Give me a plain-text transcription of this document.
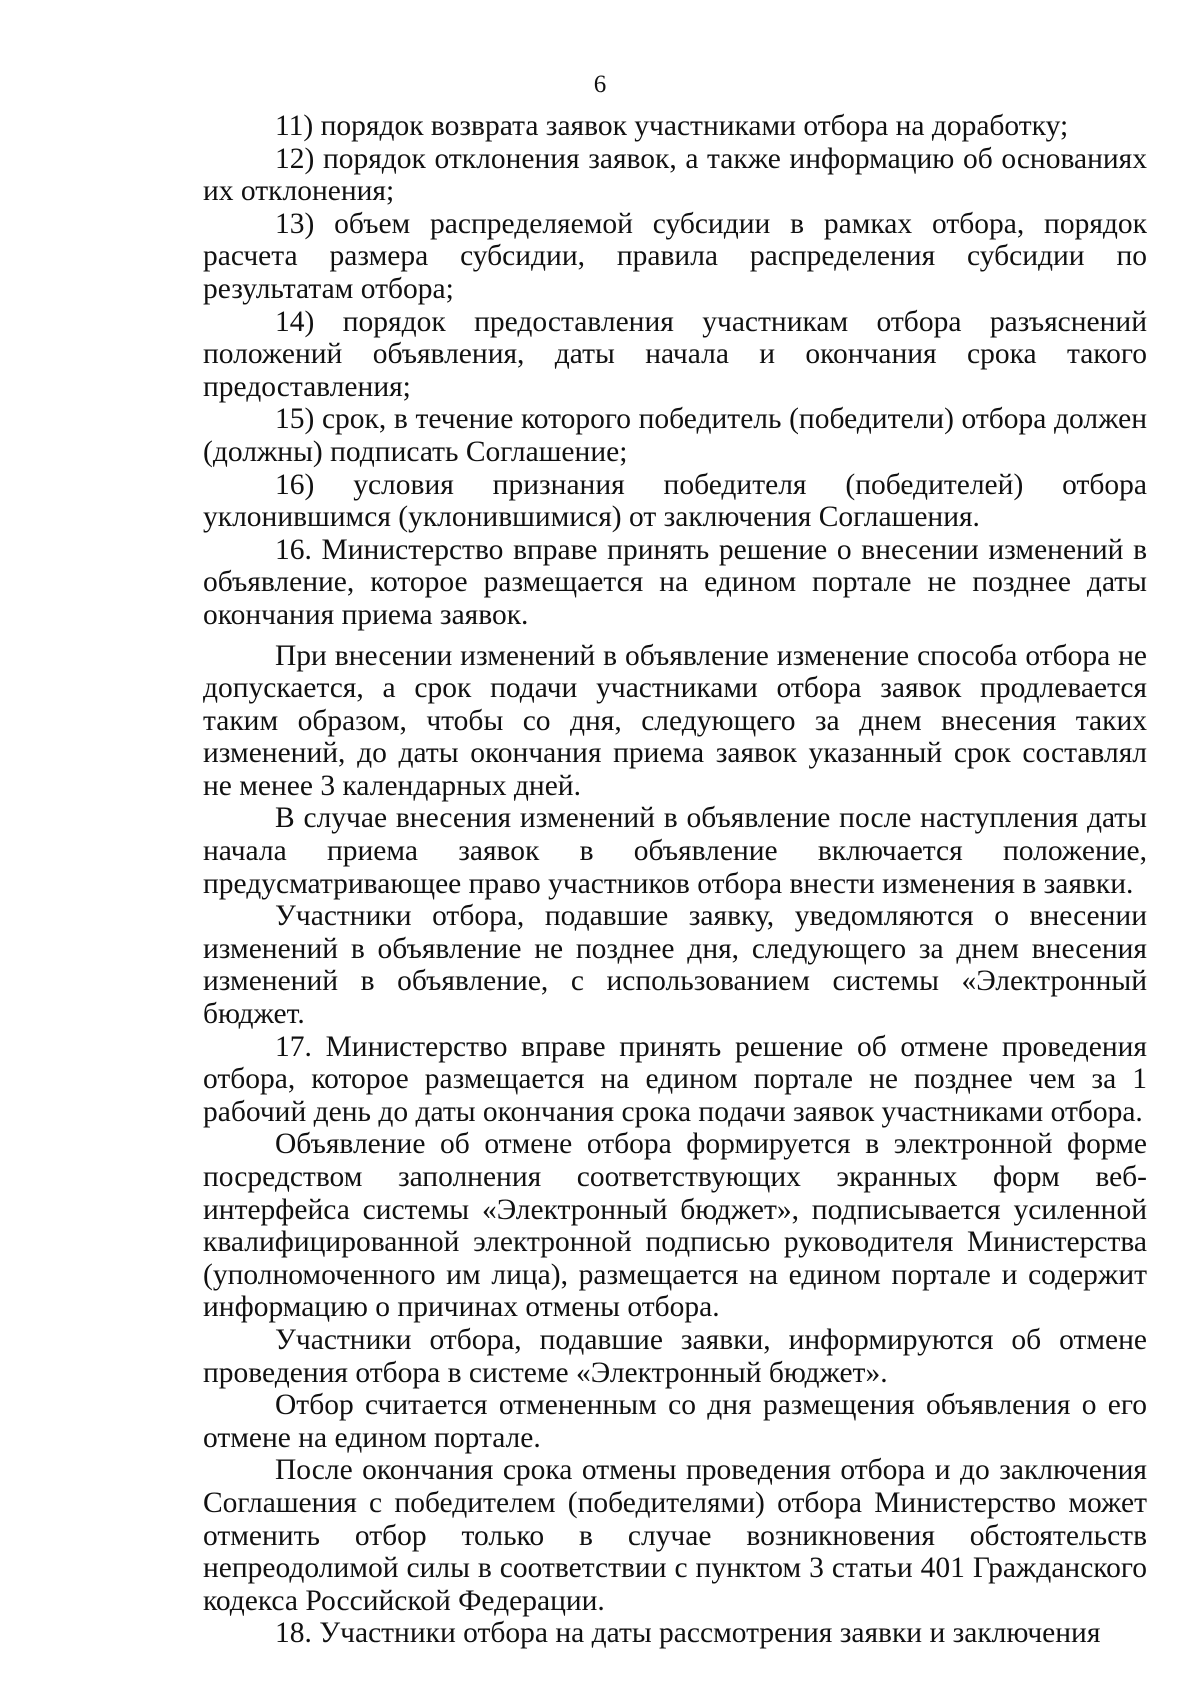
6

11) порядок возврата заявок участниками отбора на доработку;

12) порядок отклонения заявок, а также информацию об основаниях их отклонения;

13) объем распределяемой субсидии в рамках отбора, порядок расчета размера субсидии, правила распределения субсидии по результатам отбора;

14) порядок предоставления участникам отбора разъяснений положений объявления, даты начала и окончания срока такого предоставления;

15) срок, в течение которого победитель (победители) отбора должен (должны) подписать Соглашение;

16) условия признания победителя (победителей) отбора уклонившимся (уклонившимися) от заключения Соглашения.

16. Министерство вправе принять решение о внесении изменений в объявление, которое размещается на едином портале не позднее даты окончания приема заявок.

При внесении изменений в объявление изменение способа отбора не допускается, а срок подачи участниками отбора заявок продлевается таким образом, чтобы со дня, следующего за днем внесения таких изменений, до даты окончания приема заявок указанный срок составлял не менее 3 календарных дней.

В случае внесения изменений в объявление после наступления даты начала приема заявок в объявление включается положение, предусматривающее право участников отбора внести изменения в заявки.

Участники отбора, подавшие заявку, уведомляются о внесении изменений в объявление не позднее дня, следующего за днем внесения изменений в объявление, с использованием системы «Электронный бюджет.

17. Министерство вправе принять решение об отмене проведения отбора, которое размещается на едином портале не позднее чем за 1 рабочий день до даты окончания срока подачи заявок участниками отбора.

Объявление об отмене отбора формируется в электронной форме посредством заполнения соответствующих экранных форм веб-интерфейса системы «Электронный бюджет», подписывается усиленной квалифицированной электронной подписью руководителя Министерства (уполномоченного им лица), размещается на едином портале и содержит информацию о причинах отмены отбора.

Участники отбора, подавшие заявки, информируются об отмене проведения отбора в системе «Электронный бюджет».

Отбор считается отмененным со дня размещения объявления о его отмене на едином портале.

После окончания срока отмены проведения отбора и до заключения Соглашения с победителем (победителями) отбора Министерство может отменить отбор только в случае возникновения обстоятельств непреодолимой силы в соответствии с пунктом 3 статьи 401 Гражданского кодекса Российской Федерации.

18. Участники отбора на даты рассмотрения заявки и заключения
